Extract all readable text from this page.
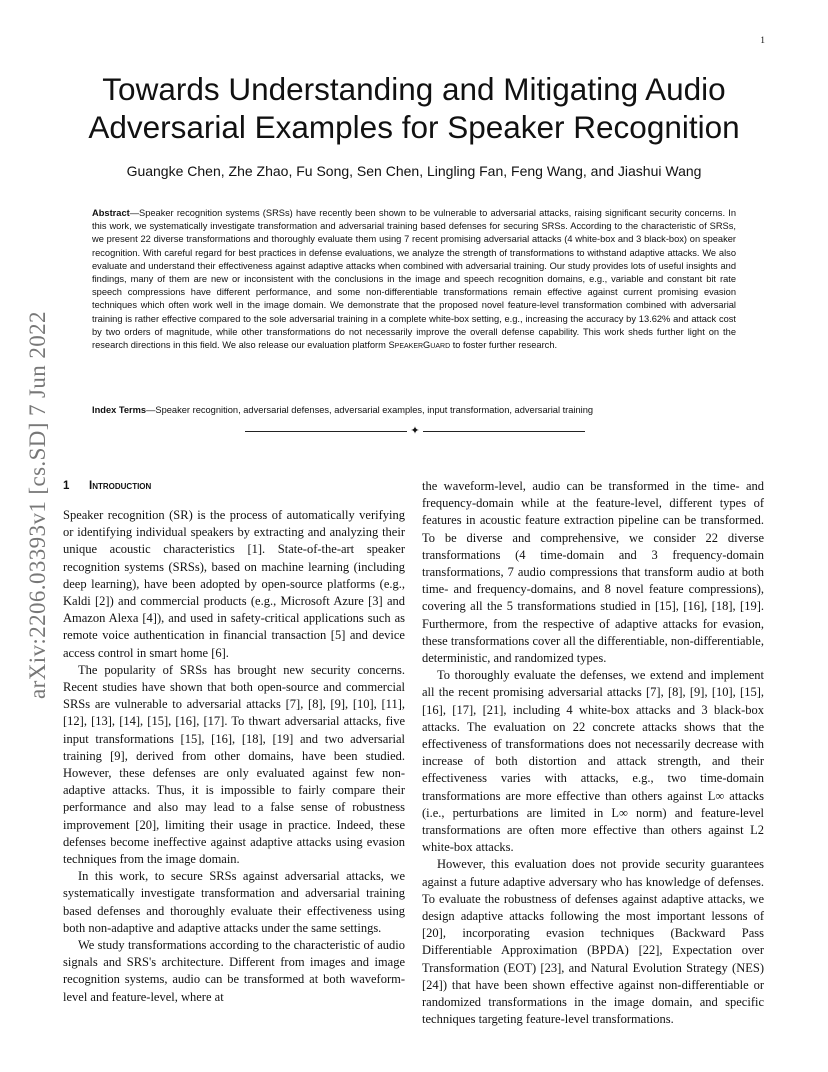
1
arXiv:2206.03393v1 [cs.SD] 7 Jun 2022
Towards Understanding and Mitigating Audio Adversarial Examples for Speaker Recognition
Guangke Chen, Zhe Zhao, Fu Song, Sen Chen, Lingling Fan, Feng Wang, and Jiashui Wang

Abstract—Speaker recognition systems (SRSs) have recently been shown to be vulnerable to adversarial attacks, raising significant security concerns. In this work, we systematically investigate transformation and adversarial training based defenses for securing SRSs. According to the characteristic of SRSs, we present 22 diverse transformations and thoroughly evaluate them using 7 recent promising adversarial attacks (4 white-box and 3 black-box) on speaker recognition. With careful regard for best practices in defense evaluations, we analyze the strength of transformations to withstand adaptive attacks. We also evaluate and understand their effectiveness against adaptive attacks when combined with adversarial training. Our study provides lots of useful insights and findings, many of them are new or inconsistent with the conclusions in the image and speech recognition domains, e.g., variable and constant bit rate speech compressions have different performance, and some non-differentiable transformations remain effective against current promising evasion techniques which often work well in the image domain. We demonstrate that the proposed novel feature-level transformation combined with adversarial training is rather effective compared to the sole adversarial training in a complete white-box setting, e.g., increasing the accuracy by 13.62% and attack cost by two orders of magnitude, while other transformations do not necessarily improve the overall defense capability. This work sheds further light on the research directions in this field. We also release our evaluation platform SpeakerGuard to foster further research.

Index Terms—Speaker recognition, adversarial defenses, adversarial examples, input transformation, adversarial training

✦
1 Introduction

Speaker recognition (SR) is the process of automatically verifying or identifying individual speakers by extracting and analyzing their unique acoustic characteristics [1]. State-of-the-art speaker recognition systems (SRSs), based on machine learning (including deep learning), have been adopted by open-source platforms (e.g., Kaldi [2]) and commercial products (e.g., Microsoft Azure [3] and Amazon Alexa [4]), and used in safety-critical applications such as remote voice authentication in financial transaction [5] and device access control in smart home [6].

The popularity of SRSs has brought new security concerns. Recent studies have shown that both open-source and commercial SRSs are vulnerable to adversarial attacks [7], [8], [9], [10], [11], [12], [13], [14], [15], [16], [17]. To thwart adversarial attacks, five input transformations [15], [16], [18], [19] and two adversarial training [9], derived from other domains, have been studied. However, these defenses are only evaluated against few non-adaptive attacks. Thus, it is impossible to fairly compare their performance and also may lead to a false sense of robustness improvement [20], limiting their usage in practice. Indeed, these defenses become ineffective against adaptive attacks using evasion techniques from the image domain.

In this work, to secure SRSs against adversarial attacks, we systematically investigate transformation and adversarial training based defenses and thoroughly evaluate their effectiveness using both non-adaptive and adaptive attacks under the same settings.

We study transformations according to the characteristic of audio signals and SRS's architecture. Different from images and image recognition systems, audio can be transformed at both waveform-level and feature-level, where at

the waveform-level, audio can be transformed in the time- and frequency-domain while at the feature-level, different types of features in acoustic feature extraction pipeline can be transformed. To be diverse and comprehensive, we consider 22 diverse transformations (4 time-domain and 3 frequency-domain transformations, 7 audio compressions that transform audio at both time- and frequency-domains, and 8 novel feature compressions), covering all the 5 transformations studied in [15], [16], [18], [19]. Furthermore, from the respective of adaptive attacks for evasion, these transformations cover all the differentiable, non-differentiable, deterministic, and randomized types.

To thoroughly evaluate the defenses, we extend and implement all the recent promising adversarial attacks [7], [8], [9], [10], [15], [16], [17], [21], including 4 white-box attacks and 3 black-box attacks. The evaluation on 22 concrete attacks shows that the effectiveness of transformations does not necessarily decrease with increase of both distortion and attack strength, and their effectiveness varies with attacks, e.g., two time-domain transformations are more effective than others against L∞ attacks (i.e., perturbations are limited in L∞ norm) and feature-level transformations are often more effective than others against L2 white-box attacks.

However, this evaluation does not provide security guarantees against a future adaptive adversary who has knowledge of defenses. To evaluate the robustness of defenses against adaptive attacks, we design adaptive attacks following the most important lessons of [20], incorporating evasion techniques (Backward Pass Differentiable Approximation (BPDA) [22], Expectation over Transformation (EOT) [23], and Natural Evolution Strategy (NES) [24]) that have been shown effective against non-differentiable or randomized transformations in the image domain, and specific techniques targeting feature-level transformations.
